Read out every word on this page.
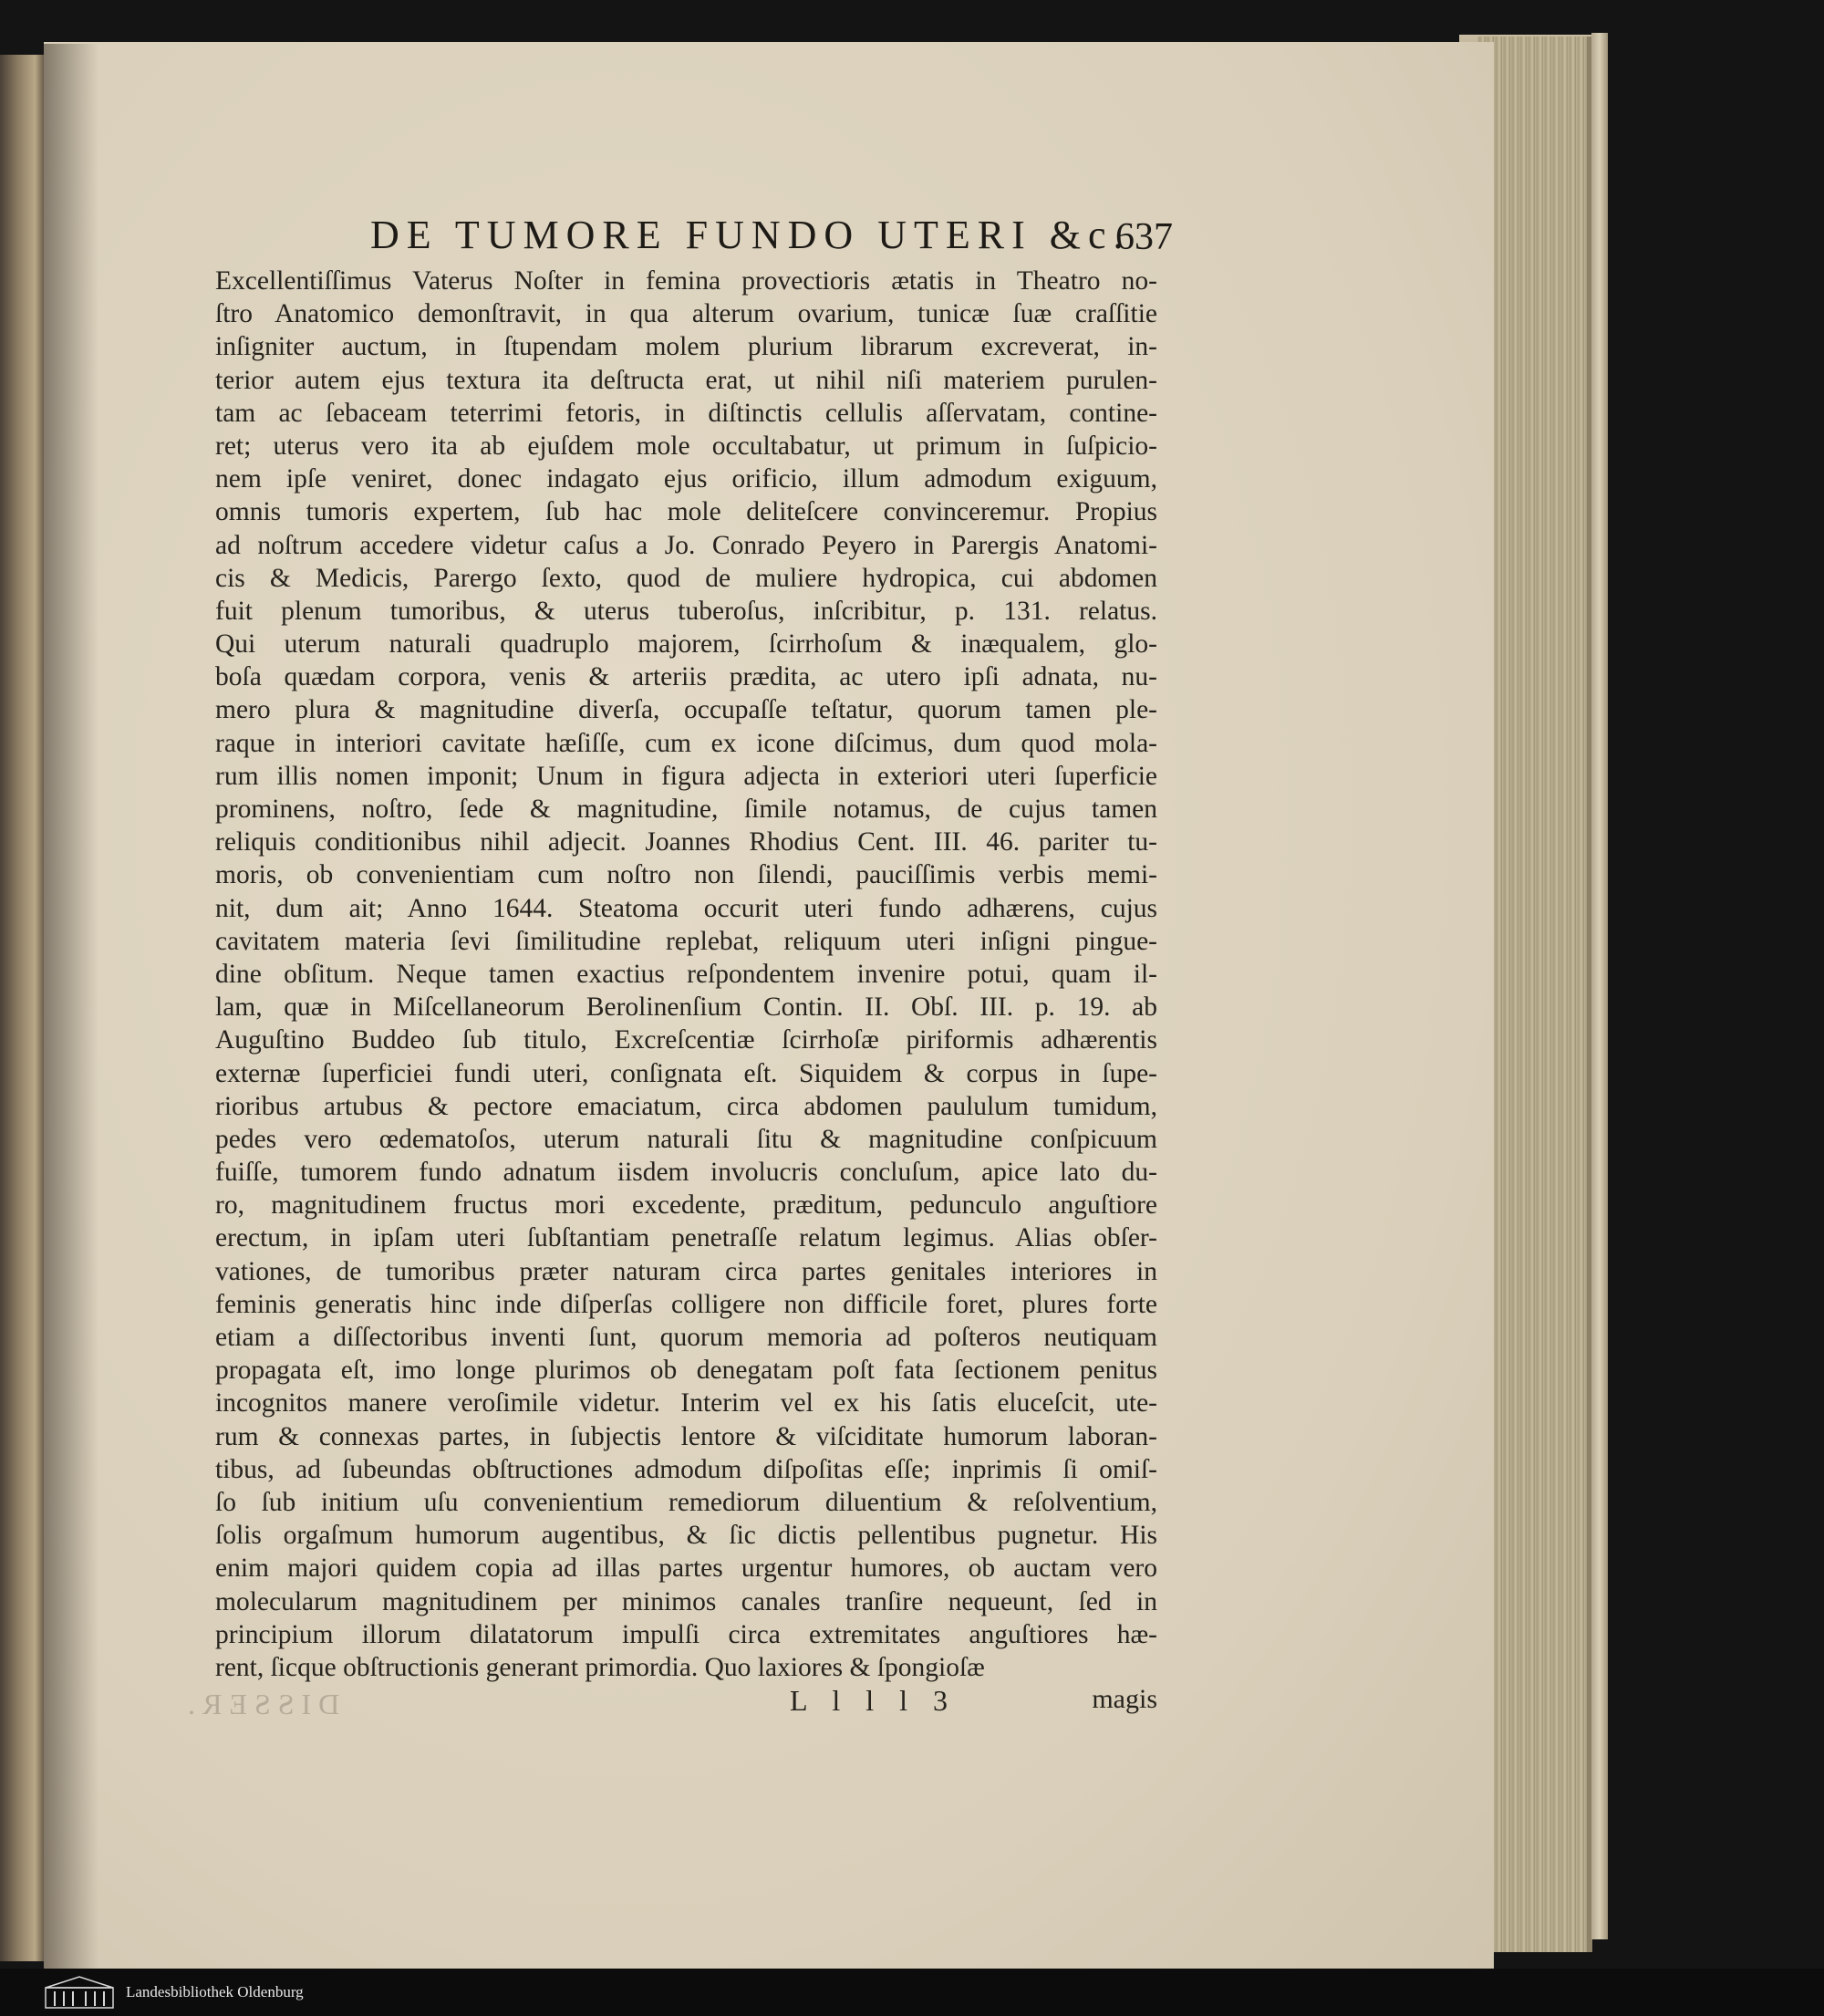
DE TUMORE FUNDO UTERI &c.
637
Excellentiſſimus Vaterus Noſter in femina provectioris ætatis in Theatro no-
ſtro Anatomico demonſtravit, in qua alterum ovarium, tunicæ ſuæ craſſitie
inſigniter auctum, in ſtupendam molem plurium librarum excreverat, in-
terior autem ejus textura ita deſtructa erat, ut nihil niſi materiem purulen-
tam ac ſebaceam teterrimi fetoris, in diſtinctis cellulis aſſervatam, contine-
ret; uterus vero ita ab ejuſdem mole occultabatur, ut primum in ſuſpicio-
nem ipſe veniret, donec indagato ejus orificio, illum admodum exiguum,
omnis tumoris expertem, ſub hac mole deliteſcere convinceremur. Propius
ad noſtrum accedere videtur caſus a Jo. Conrado Peyero in Parergis Anatomi-
cis & Medicis, Parergo ſexto, quod de muliere hydropica, cui abdomen
fuit plenum tumoribus, & uterus tuberoſus, inſcribitur, p. 131. relatus.
Qui uterum naturali quadruplo majorem, ſcirrhoſum & inæqualem, glo-
boſa quædam corpora, venis & arteriis prædita, ac utero ipſi adnata, nu-
mero plura & magnitudine diverſa, occupaſſe teſtatur, quorum tamen ple-
raque in interiori cavitate hæſiſſe, cum ex icone diſcimus, dum quod mola-
rum illis nomen imponit; Unum in figura adjecta in exteriori uteri ſuperficie
prominens, noſtro, ſede & magnitudine, ſimile notamus, de cujus tamen
reliquis conditionibus nihil adjecit. Joannes Rhodius Cent. III. 46. pariter tu-
moris, ob convenientiam cum noſtro non ſilendi, pauciſſimis verbis memi-
nit, dum ait; Anno 1644. Steatoma occurit uteri fundo adhærens, cujus
cavitatem materia ſevi ſimilitudine replebat, reliquum uteri inſigni pingue-
dine obſitum. Neque tamen exactius reſpondentem invenire potui, quam il-
lam, quæ in Miſcellaneorum Berolinenſium Contin. II. Obſ. III. p. 19. ab
Auguſtino Buddeo ſub titulo, Excreſcentiæ ſcirrhoſæ piriformis adhærentis
externæ ſuperficiei fundi uteri, conſignata eſt. Siquidem & corpus in ſupe-
rioribus artubus & pectore emaciatum, circa abdomen paululum tumidum,
pedes vero œdematoſos, uterum naturali ſitu & magnitudine conſpicuum
fuiſſe, tumorem fundo adnatum iisdem involucris concluſum, apice lato du-
ro, magnitudinem fructus mori excedente, præditum, pedunculo anguſtiore
erectum, in ipſam uteri ſubſtantiam penetraſſe relatum legimus. Alias obſer-
vationes, de tumoribus præter naturam circa partes genitales interiores in
feminis generatis hinc inde diſperſas colligere non difficile foret, plures forte
etiam a diſſectoribus inventi ſunt, quorum memoria ad poſteros neutiquam
propagata eſt, imo longe plurimos ob denegatam poſt fata ſectionem penitus
incognitos manere veroſimile videtur. Interim vel ex his ſatis eluceſcit, ute-
rum & connexas partes, in ſubjectis lentore & viſciditate humorum laboran-
tibus, ad ſubeundas obſtructiones admodum diſpoſitas eſſe; inprimis ſi omiſ-
ſo ſub initium uſu convenientium remediorum diluentium & reſolventium,
ſolis orgaſmum humorum augentibus, & ſic dictis pellentibus pugnetur. His
enim majori quidem copia ad illas partes urgentur humores, ob auctam vero
molecularum magnitudinem per minimos canales tranſire nequeunt, ſed in
principium illorum dilatatorum impulſi circa extremitates anguſtiores hæ-
rent, ſicque obſtructionis generant primordia. Quo laxiores & ſpongioſæ
DISSER.	L l l l 3	magis
Landesbibliothek Oldenburg
